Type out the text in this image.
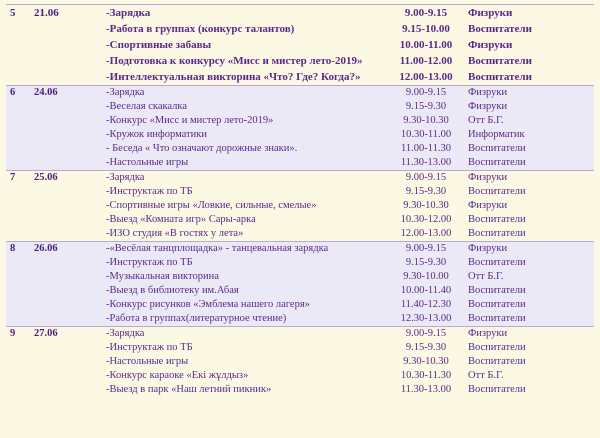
5	21.06	-Зарядка	9.00-9.15	Физруки
		-Работа в группах (конкурс талантов)	9.15-10.00	Воспитатели
		-Спортивные забавы	10.00-11.00	Физруки
		-Подготовка к конкурсу «Мисс и мистер лето-2019»	11.00-12.00	Воспитатели
		-Интеллектуальная викторина «Что? Где? Когда?»	12.00-13.00	Воспитатели
6	24.06	-Зарядка	9.00-9.15	Физруки
		-Веселая скакалка	9.15-9.30	Физруки
		-Конкурс «Мисс и мистер лето-2019»	9.30-10.30	Отт Б.Г.
		-Кружок информатики	10.30-11.00	Информатик
		- Беседа « Что означают дорожные знаки».	11.00-11.30	Воспитатели
		-Настольные игры	11.30-13.00	Воспитатели
7	25.06	-Зарядка	9.00-9.15	Физруки
		-Инструктаж по ТБ	9.15-9.30	Воспитатели
		-Спортивные игры «Ловкие, сильные, смелые»	9.30-10.30	Физруки
		-Выезд «Комната игр» Сары-арка	10.30-12.00	Воспитатели
		-ИЗО студия «В гостях у лета»	12.00-13.00	Воспитатели
8	26.06	-«Весёлая танцплощадка» - танцевальная зарядка	9.00-9.15	Физруки
		-Инструктаж по ТБ	9.15-9.30	Воспитатели
		-Музыкальная викторина	9.30-10.00	Отт Б.Г.
		-Выезд в библиотеку им.Абая	10.00-11.40	Воспитатели
		-Конкурс рисунков «Эмблема нашего лагеря»	11.40-12.30	Воспитатели
		-Работа в группах(литературное чтение)	12.30-13.00	Воспитатели
9	27.06	-Зарядка	9.00-9.15	Физруки
		-Инструктаж по ТБ	9.15-9.30	Воспитатели
		-Настольные игры	9.30-10.30	Воспитатели
		-Конкурс караоке «Екі жұлдыз»	10.30-11.30	Отт Б.Г.
		-Выезд в парк «Наш летний пикник»	11.30-13.00	Воспитатели
